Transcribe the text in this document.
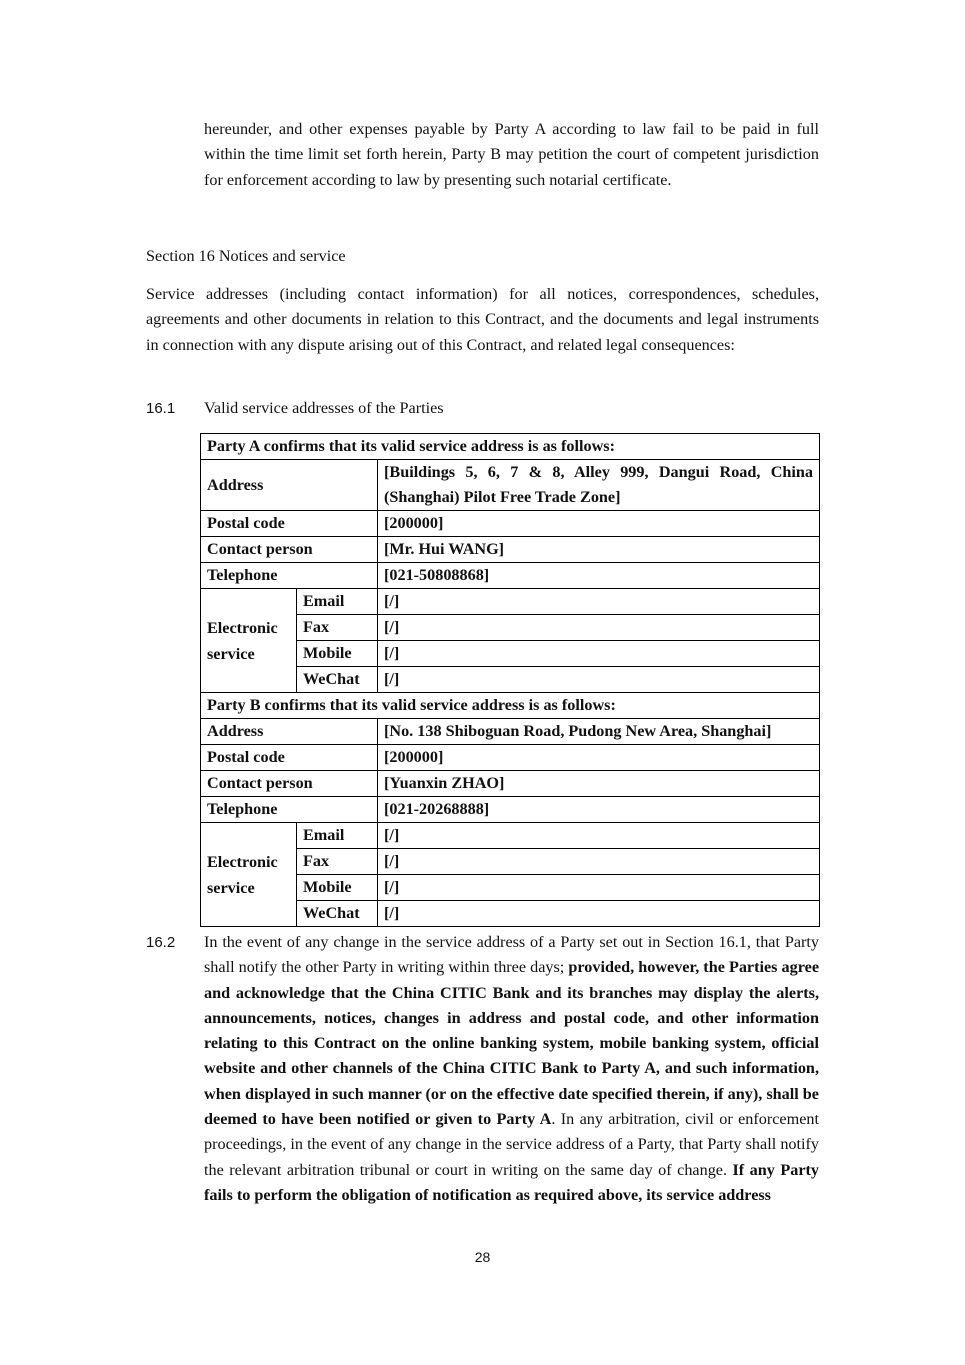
hereunder, and other expenses payable by Party A according to law fail to be paid in full within the time limit set forth herein, Party B may petition the court of competent jurisdiction for enforcement according to law by presenting such notarial certificate.
Section 16 Notices and service
Service addresses (including contact information) for all notices, correspondences, schedules, agreements and other documents in relation to this Contract, and the documents and legal instruments in connection with any dispute arising out of this Contract, and related legal consequences:
16.1 Valid service addresses of the Parties
Party A confirms that its valid service address is as follows:		
Address		[Buildings 5, 6, 7 & 8, Alley 999, Dangui Road, China (Shanghai) Pilot Free Trade Zone]
Postal code		[200000]
Contact person		[Mr. Hui WANG]
Telephone		[021-50808868]
Electronic service	Email	[/]
	Fax	[/]
	Mobile	[/]
	WeChat	[/]
Party B confirms that its valid service address is as follows:		
Address		[No. 138 Shiboguan Road, Pudong New Area, Shanghai]
Postal code		[200000]
Contact person		[Yuanxin ZHAO]
Telephone		[021-20268888]
Electronic service	Email	[/]
	Fax	[/]
	Mobile	[/]
	WeChat	[/]
16.2 In the event of any change in the service address of a Party set out in Section 16.1, that Party shall notify the other Party in writing within three days; provided, however, the Parties agree and acknowledge that the China CITIC Bank and its branches may display the alerts, announcements, notices, changes in address and postal code, and other information relating to this Contract on the online banking system, mobile banking system, official website and other channels of the China CITIC Bank to Party A, and such information, when displayed in such manner (or on the effective date specified therein, if any), shall be deemed to have been notified or given to Party A. In any arbitration, civil or enforcement proceedings, in the event of any change in the service address of a Party, that Party shall notify the relevant arbitration tribunal or court in writing on the same day of change. If any Party fails to perform the obligation of notification as required above, its service address
28
